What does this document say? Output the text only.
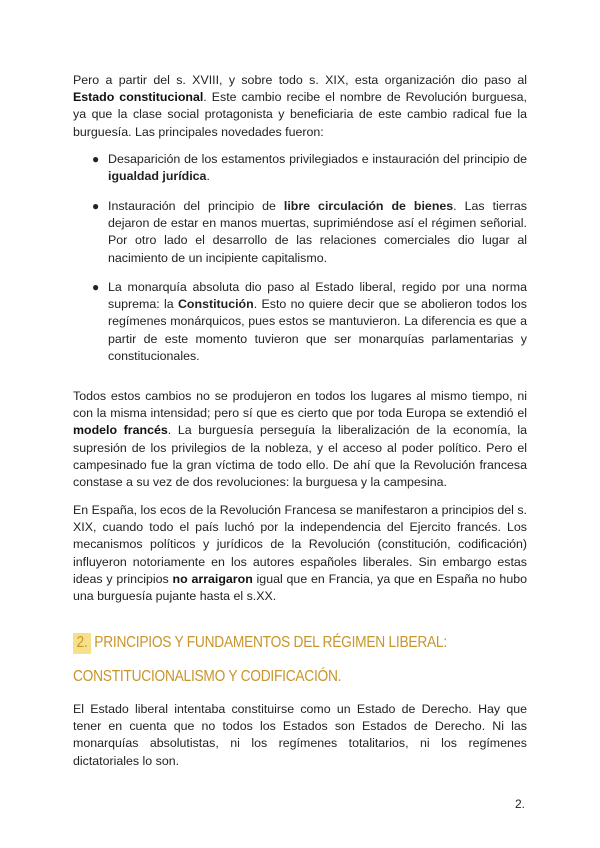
Pero a partir del s. XVIII, y sobre todo s. XIX, esta organización dio paso al Estado constitucional. Este cambio recibe el nombre de Revolución burguesa, ya que la clase social protagonista y beneficiaria de este cambio radical fue la burguesía. Las principales novedades fueron:

● Desaparición de los estamentos privilegiados e instauración del principio de igualdad jurídica.
● Instauración del principio de libre circulación de bienes. Las tierras dejaron de estar en manos muertas, suprimiéndose así el régimen señorial. Por otro lado el desarrollo de las relaciones comerciales dio lugar al nacimiento de un incipiente capitalismo.
● La monarquía absoluta dio paso al Estado liberal, regido por una norma suprema: la Constitución. Esto no quiere decir que se abolieron todos los regímenes monárquicos, pues estos se mantuvieron. La diferencia es que a partir de este momento tuvieron que ser monarquías parlamentarias y constitucionales.

Todos estos cambios no se produjeron en todos los lugares al mismo tiempo, ni con la misma intensidad; pero sí que es cierto que por toda Europa se extendió el modelo francés. La burguesía perseguía la liberalización de la economía, la supresión de los privilegios de la nobleza, y el acceso al poder político. Pero el campesinado fue la gran víctima de todo ello. De ahí que la Revolución francesa constase a su vez de dos revoluciones: la burguesa y la campesina.

En España, los ecos de la Revolución Francesa se manifestaron a principios del s. XIX, cuando todo el país luchó por la independencia del Ejercito francés. Los mecanismos políticos y jurídicos de la Revolución (constitución, codificación) influyeron notoriamente en los autores españoles liberales. Sin embargo estas ideas y principios no arraigaron igual que en Francia, ya que en España no hubo una burguesía pujante hasta el s.XX.

2. PRINCIPIOS Y FUNDAMENTOS DEL RÉGIMEN LIBERAL:
CONSTITUCIONALISMO Y CODIFICACIÓN.

El Estado liberal intentaba constituirse como un Estado de Derecho. Hay que tener en cuenta que no todos los Estados son Estados de Derecho. Ni las monarquías absolutistas, ni los regímenes totalitarios, ni los regímenes dictatoriales lo son.

2.
